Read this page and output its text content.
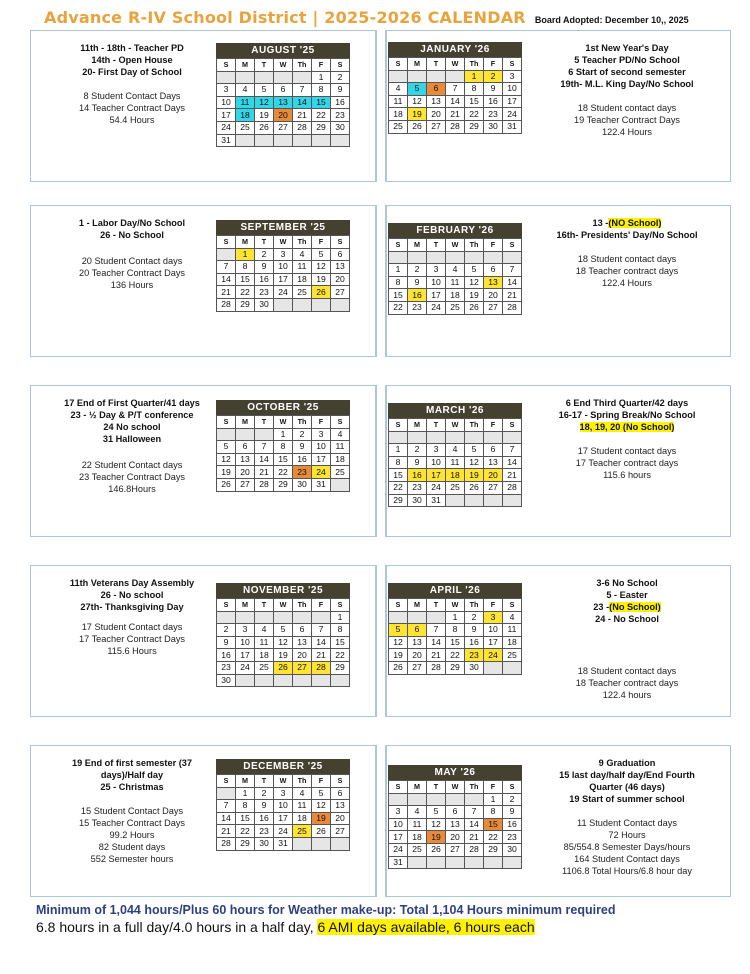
Advance R-IV School District | 2025-2026 CALENDAR Board Adopted: December 10,, 2025
11th - 18th - Teacher PD
14th - Open House
20- First Day of School
8 Student Contact Days
14 Teacher Contract Days
54.4 Hours
AUGUST '25
S	M	T	W	Th	F	S
					1	2
3	4	5	6	7	8	9
10	11	12	13	14	15	16
17	18	19	20	21	22	23
24	25	26	27	28	29	30
31						
JANUARY '26
S	M	T	W	Th	F	S
				1	2	3
4	5	6	7	8	9	10
11	12	13	14	15	16	17
18	19	20	21	22	23	24
25	26	27	28	29	30	31
1st New Year's Day
5 Teacher PD/No School
6 Start of second semester
19th- M.L. King Day/No School
18 Student contact days
19 Teacher Contract Days
122.4 Hours
1 - Labor Day/No School
26 - No School
20 Student Contact days
20 Teacher Contract Days
136 Hours
SEPTEMBER '25
S	M	T	W	Th	F	S
	1	2	3	4	5	6
7	8	9	10	11	12	13
14	15	16	17	18	19	20
21	22	23	24	25	26	27
28	29	30				
FEBRUARY '26
S	M	T	W	Th	F	S

1	2	3	4	5	6	7
8	9	10	11	12	13	14
15	16	17	18	19	20	21
22	23	24	25	26	27	28
13 -(NO School)
16th- Presidents' Day/No School
18 Student contact days
18 Teacher contract days
122.4 Hours
17 End of First Quarter/41 days
23 - ½ Day & P/T conference
24 No school
31 Halloween
22 Student Contact days
23 Teacher Contract Days
146.8Hours
OCTOBER '25
S	M	T	W	Th	F	S
			1	2	3	4
5	6	7	8	9	10	11
12	13	14	15	16	17	18
19	20	21	22	23	24	25
26	27	28	29	30	31	
MARCH '26
S	M	T	W	Th	F	S

1	2	3	4	5	6	7
8	9	10	11	12	13	14
15	16	17	18	19	20	21
22	23	24	25	26	27	28
29	30	31				
6 End Third Quarter/42 days
16-17 - Spring Break/No School
18, 19, 20 (No School)
17 Student contact days
17 Teacher contract days
115.6 hours
11th Veterans Day Assembly
26 - No school
27th- Thanksgiving Day
17 Student Contact days
17 Teacher Contract Days
115.6 Hours
NOVEMBER '25
S	M	T	W	Th	F	S
						1
2	3	4	5	6	7	8
9	10	11	12	13	14	15
16	17	18	19	20	21	22
23	24	25	26	27	28	29
30						
APRIL '26
S	M	T	W	Th	F	S
			1	2	3	4
5	6	7	8	9	10	11
12	13	14	15	16	17	18
19	20	21	22	23	24	25
26	27	28	29	30		
3-6 No School
5 - Easter
23 -(No School)
24 - No School
18 Student contact days
18 Teacher contract days
122.4 hours
19 End of first semester (37
days)/Half day
25 - Christmas
15 Student Contact Days
15 Teacher Contract Days
99.2 Hours
82 Student days
552 Semester hours
DECEMBER '25
S	M	T	W	Th	F	S
	1	2	3	4	5	6
7	8	9	10	11	12	13
14	15	16	17	18	19	20
21	22	23	24	25	26	27
28	29	30	31			
MAY '26
S	M	T	W	Th	F	S
					1	2
3	4	5	6	7	8	9
10	11	12	13	14	15	16
17	18	19	20	21	22	23
24	25	26	27	28	29	30
31						
9 Graduation
15 last day/half day/End Fourth
Quarter (46 days)
19 Start of summer school
11 Student Contact days
72 Hours
85/554.8 Semester Days/hours
164 Student Contact days
1106.8 Total Hours/6.8 hour day
Minimum of 1,044 hours/Plus 60 hours for Weather make-up: Total 1,104 Hours minimum required
6.8 hours in a full day/4.0 hours in a half day, 6 AMI days available, 6 hours each
